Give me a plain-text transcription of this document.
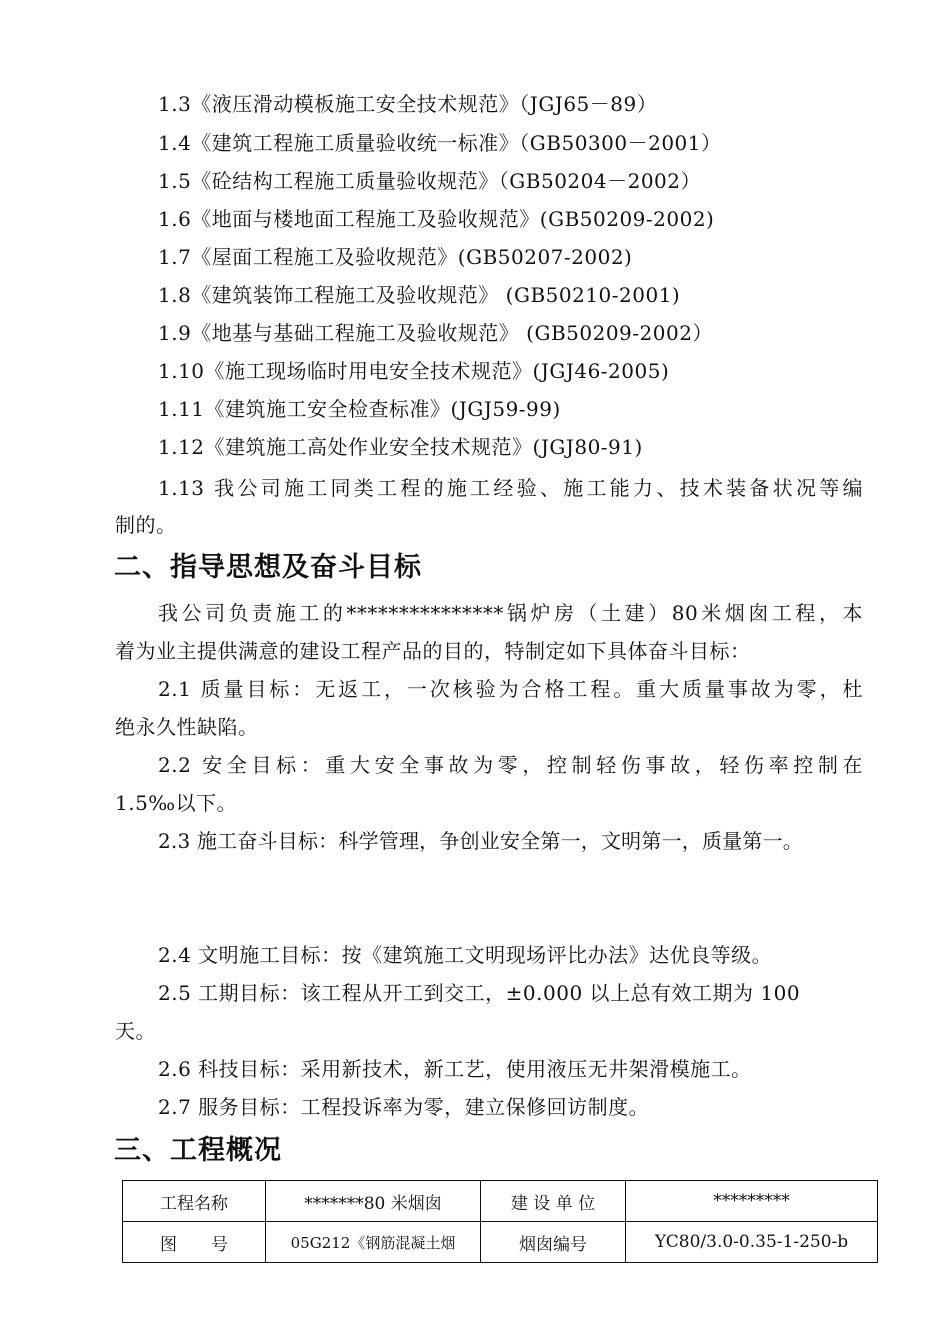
1.3《液压滑动模板施工安全技术规范》（JGJ65－89）
1.4《建筑工程施工质量验收统一标准》（GB50300－2001）
1.5《砼结构工程施工质量验收规范》（GB50204－2002）
1.6《地面与楼地面工程施工及验收规范》(GB50209-2002)
1.7《屋面工程施工及验收规范》(GB50207-2002)
1.8《建筑装饰工程施工及验收规范》 (GB50210-2001)
1.9《地基与基础工程施工及验收规范》 (GB50209-2002）
1.10《施工现场临时用电安全技术规范》(JGJ46-2005)
1.11《建筑施工安全检查标准》(JGJ59-99)
1.12《建筑施工高处作业安全技术规范》(JGJ80-91)
1.13 我公司施工同类工程的施工经验、施工能力、技术装备状况等编
制的。
二、指导思想及奋斗目标
我公司负责施工的***************锅炉房（土建）80米烟囱工程，本
着为业主提供满意的建设工程产品的目的，特制定如下具体奋斗目标：
2.1 质量目标：无返工，一次核验为合格工程。重大质量事故为零，杜
绝永久性缺陷。
2.2 安全目标：重大安全事故为零，控制轻伤事故，轻伤率控制在
1.5‰以下。
2.3 施工奋斗目标：科学管理，争创业安全第一，文明第一，质量第一。
2.4 文明施工目标：按《建筑施工文明现场评比办法》达优良等级。
2.5 工期目标：该工程从开工到交工，±0.000 以上总有效工期为 100
天。
2.6 科技目标：采用新技术，新工艺，使用液压无井架滑模施工。
2.7 服务目标：工程投诉率为零，建立保修回访制度。
三、工程概况
工程名称	*******80 米烟囱	建 设 单 位	*********
图　　号	05G212《钢筋混凝土烟	烟囱编号	YC80/3.0-0.35-1-250-b
